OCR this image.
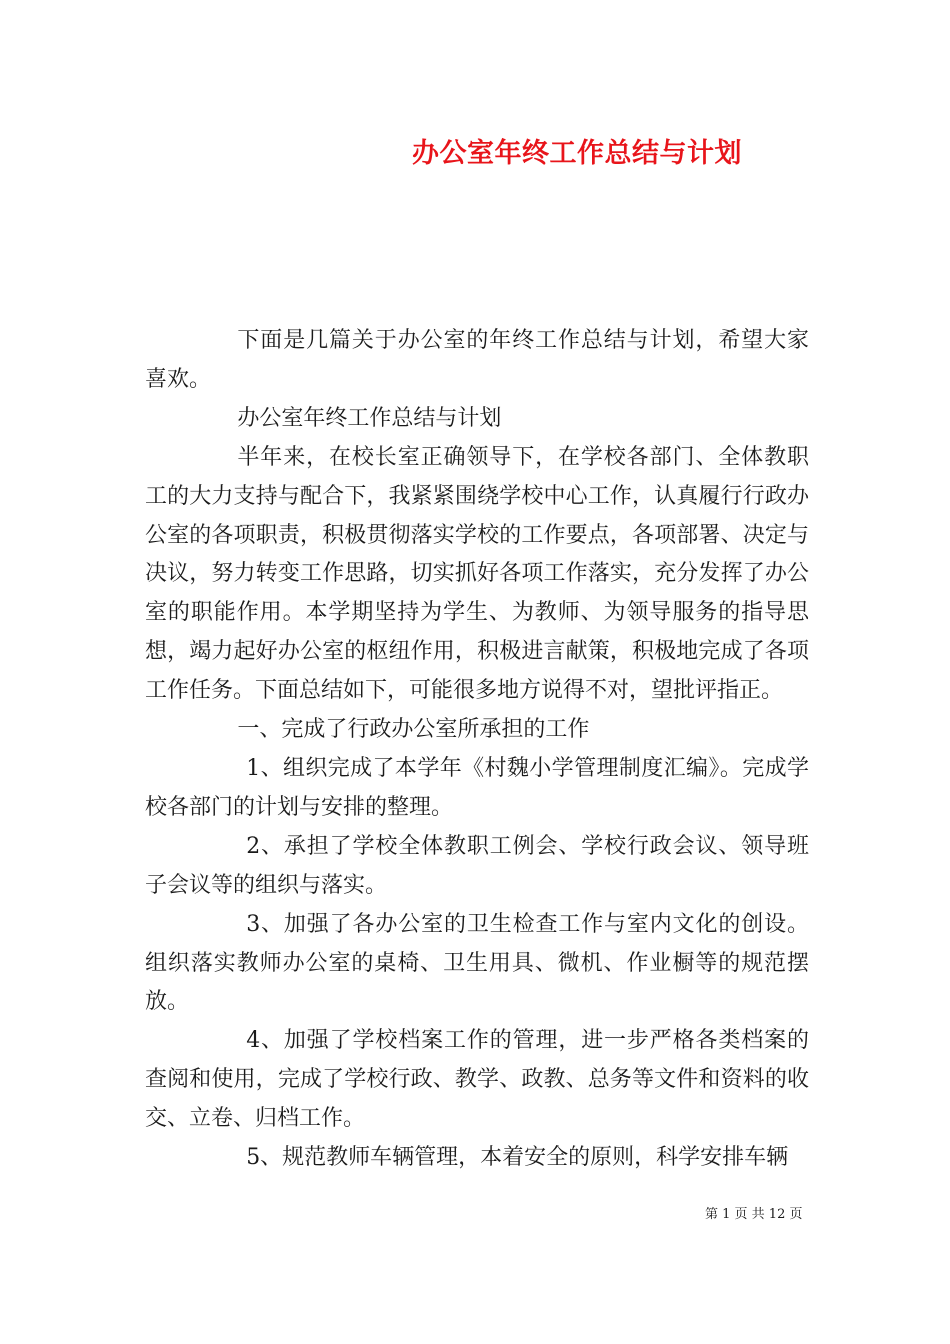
办公室年终工作总结与计划

下面是几篇关于办公室的年终工作总结与计划，希望大家喜欢。

办公室年终工作总结与计划

半年来，在校长室正确领导下，在学校各部门、全体教职工的大力支持与配合下，我紧紧围绕学校中心工作，认真履行行政办公室的各项职责，积极贯彻落实学校的工作要点，各项部署、决定与决议，努力转变工作思路，切实抓好各项工作落实，充分发挥了办公室的职能作用。本学期坚持为学生、为教师、为领导服务的指导思想，竭力起好办公室的枢纽作用，积极进言献策，积极地完成了各项工作任务。下面总结如下，可能很多地方说得不对，望批评指正。

一、完成了行政办公室所承担的工作

1、组织完成了本学年《村魏小学管理制度汇编》。完成学校各部门的计划与安排的整理。

2、承担了学校全体教职工例会、学校行政会议、领导班子会议等的组织与落实。

3、加强了各办公室的卫生检查工作与室内文化的创设。组织落实教师办公室的桌椅、卫生用具、微机、作业橱等的规范摆放。

4、加强了学校档案工作的管理，进一步严格各类档案的查阅和使用，完成了学校行政、教学、政教、总务等文件和资料的收交、立卷、归档工作。

5、规范教师车辆管理，本着安全的原则，科学安排车辆

第 1 页 共 12 页
